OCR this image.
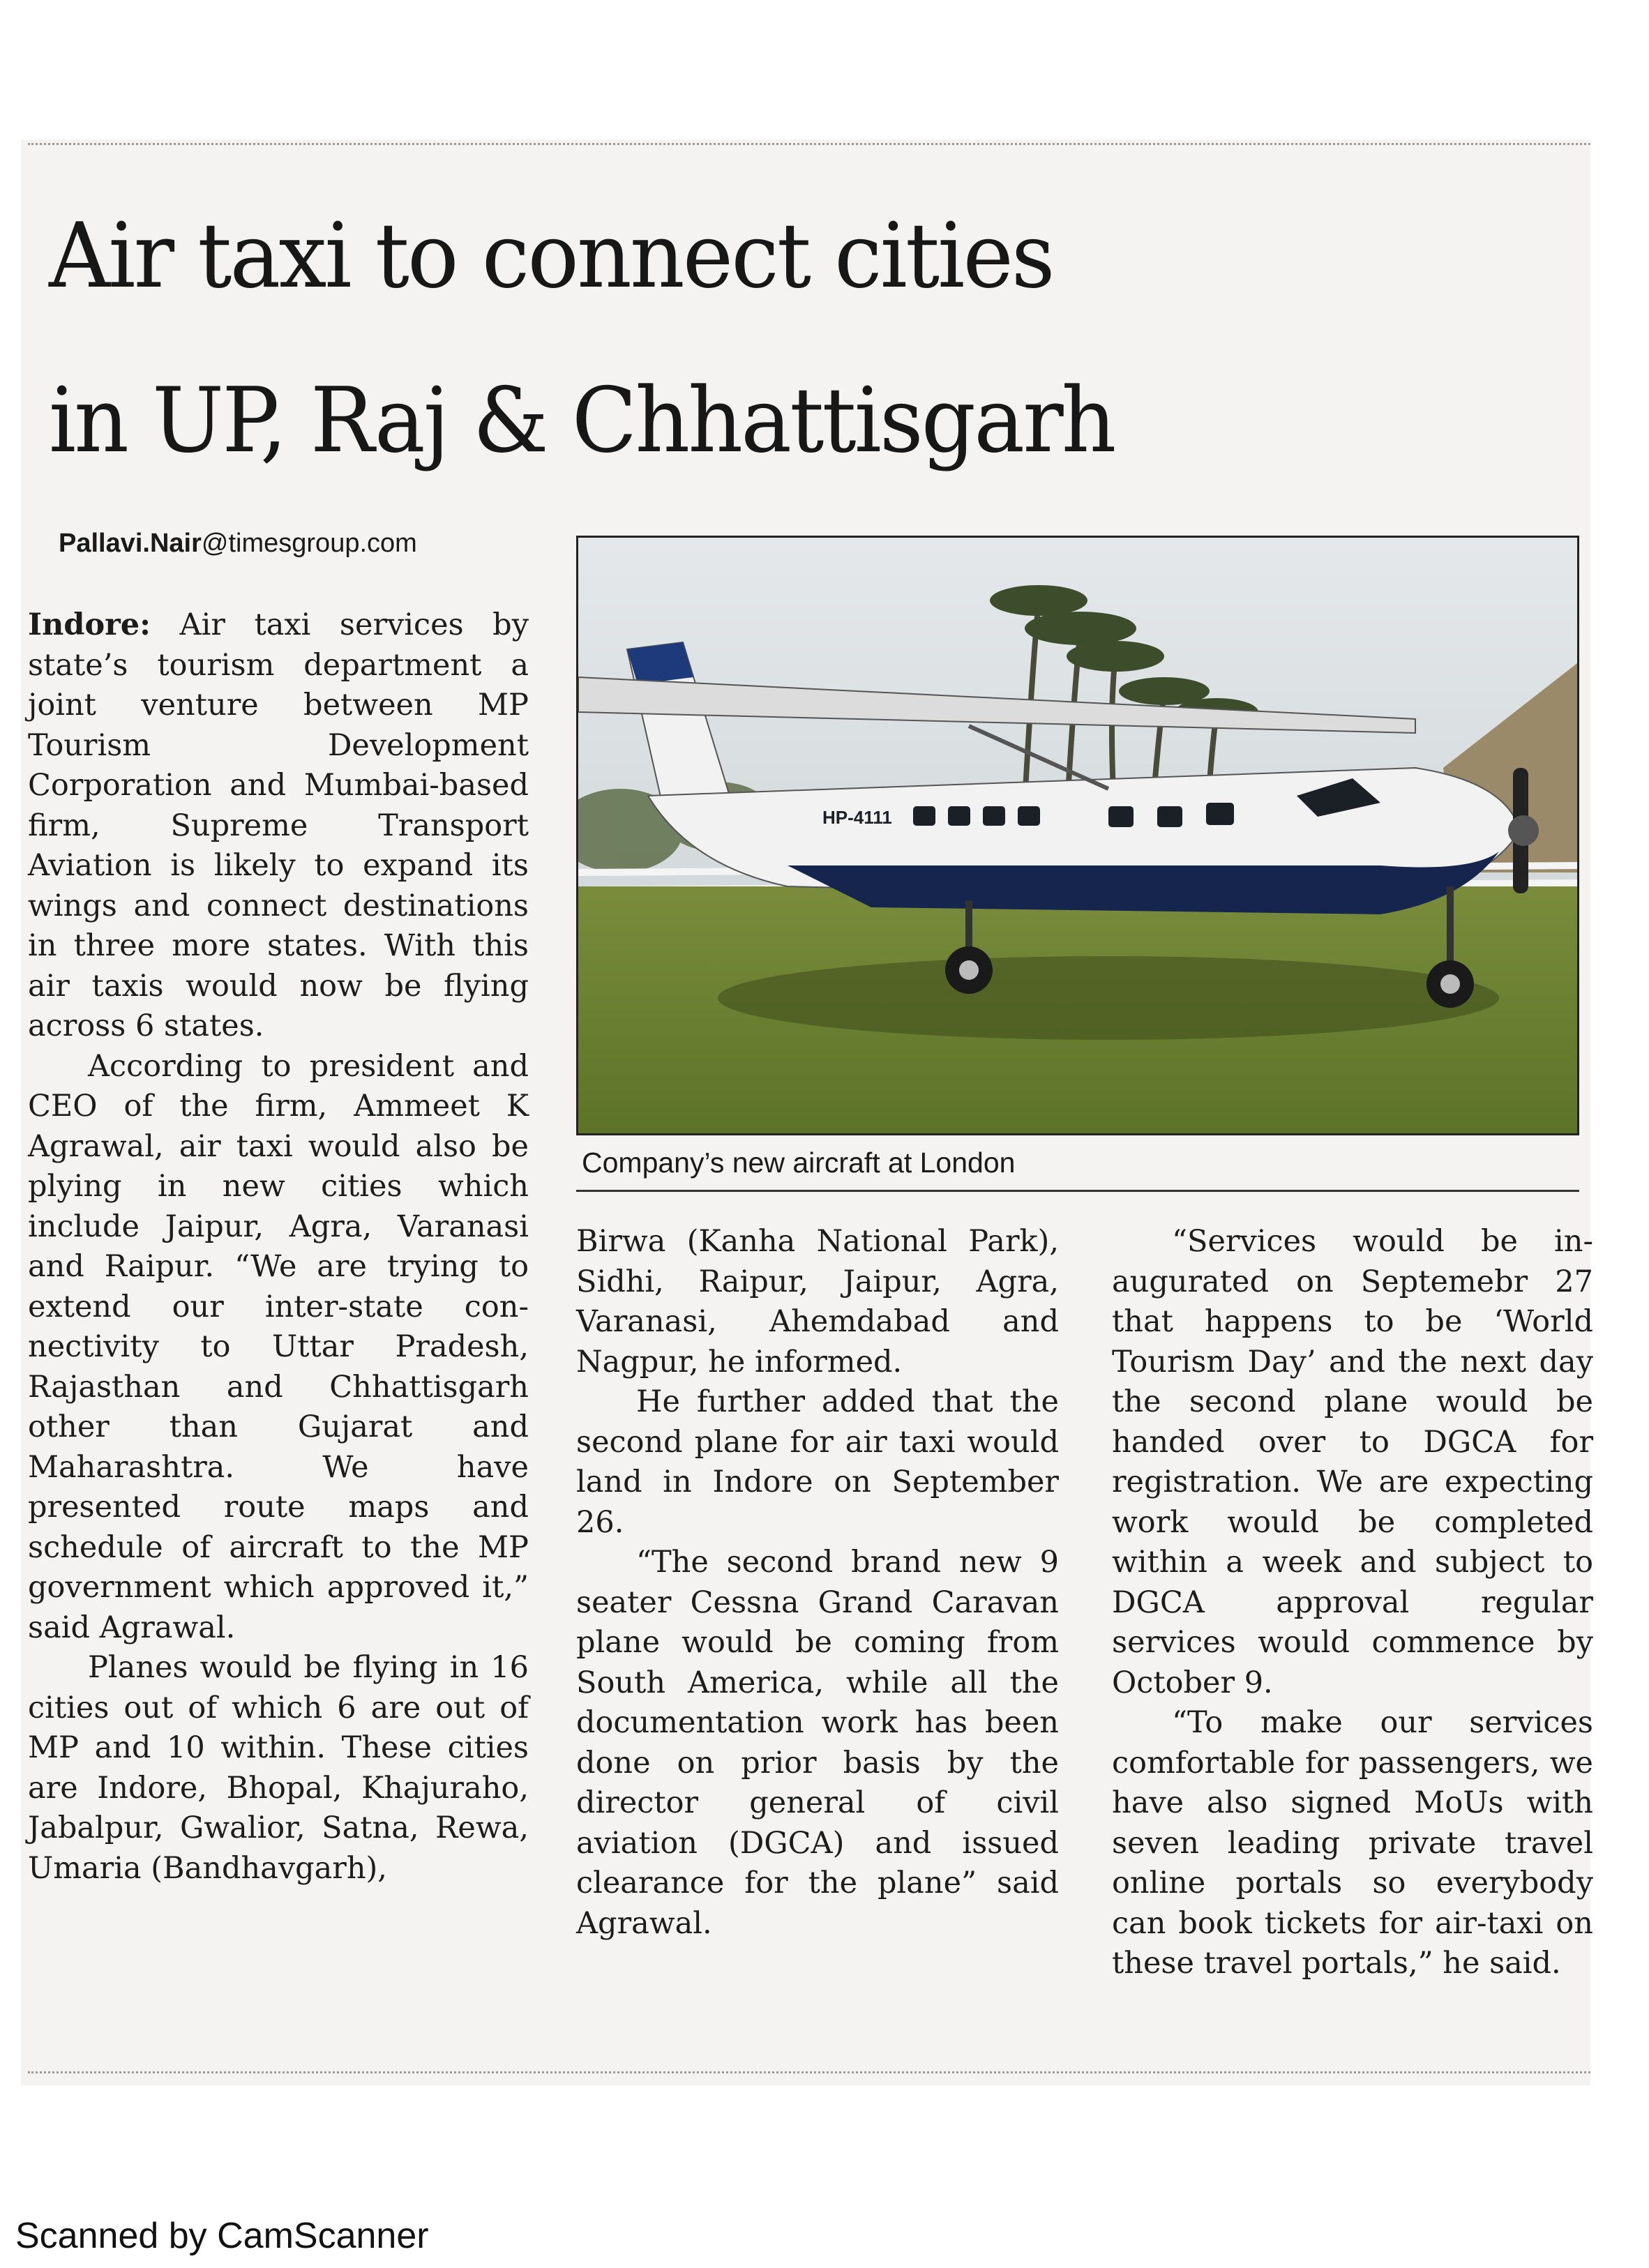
Air taxi to connect cities
in UP, Raj & Chhattisgarh
Pallavi.Nair@timesgroup.com

Indore: Air taxi services by state’s tourism department a joint venture between MP Tourism Development Corporation and Mumbai-based firm, Supreme Transport Aviation is likely to expand its wings and connect destinations in three more states. With this air taxis would now be flying across 6 states.

According to president and CEO of the firm, Ammeet K Agrawal, air taxi would also be plying in new cities which include Jaipur, Agra, Varanasi and Raipur. “We are trying to extend our inter-state connectivity to Uttar Pradesh, Rajasthan and Chhattisgarh other than Gujarat and Maharashtra. We have presented route maps and schedule of aircraft to the MP government which approved it,” said Agrawal.

Planes would be flying in 16 cities out of which 6 are out of MP and 10 within. These cities are Indore, Bhopal, Khajuraho, Jabalpur, Gwalior, Satna, Rewa, Umaria (Bandhavgarh),

HP-4111
Company’s new aircraft at London

Birwa (Kanha National Park), Sidhi, Raipur, Jaipur, Agra, Varanasi, Ahemdabad and Nagpur, he informed.

He further added that the second plane for air taxi would land in Indore on September 26.

“The second brand new 9 seater Cessna Grand Caravan plane would be coming from South America, while all the documentation work has been done on prior basis by the director general of civil aviation (DGCA) and issued clearance for the plane” said Agrawal.

“Services would be inaugurated on Septemebr 27 that happens to be ‘World Tourism Day’ and the next day the second plane would be handed over to DGCA for registration. We are expecting work would be completed within a week and subject to DGCA approval regular services would commence by October 9.

“To make our services comfortable for passengers, we have also signed MoUs with seven leading private travel online portals so everybody can book tickets for air-taxi on these travel portals,” he said.

Scanned by CamScanner
